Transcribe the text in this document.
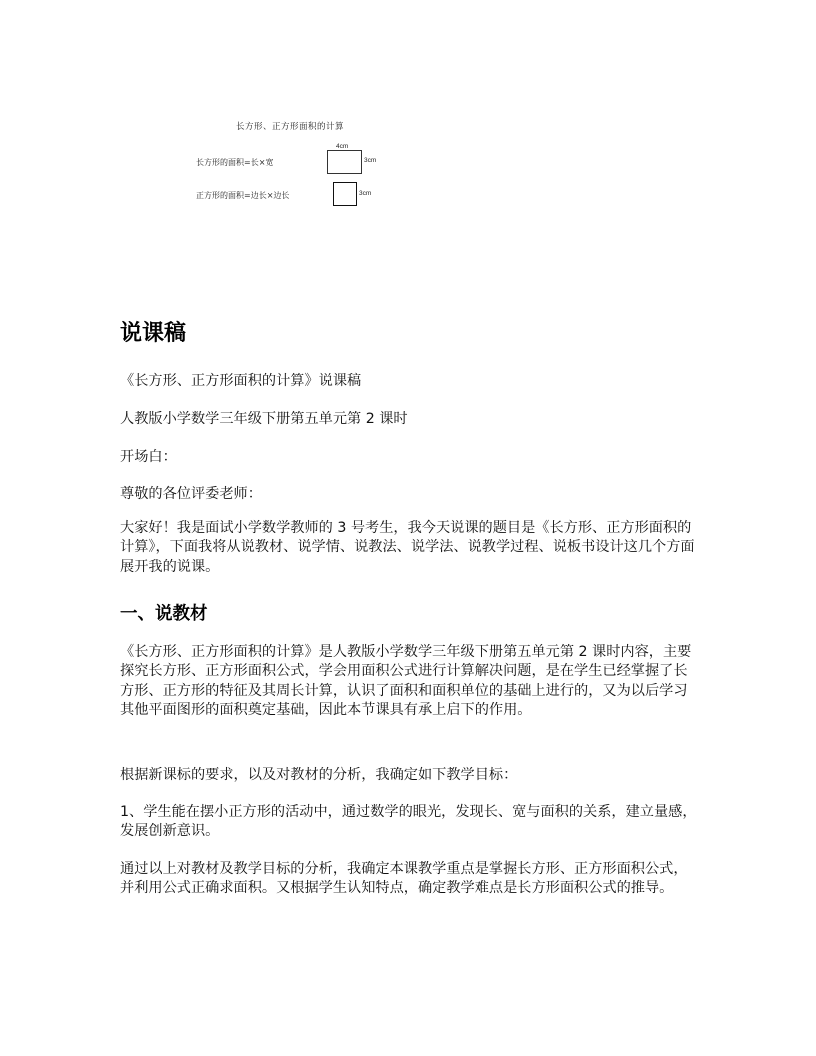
长方形、正方形面积的计算
长方形的面积=长×宽
4cm
3cm
正方形的面积=边长×边长	3cm
说课稿
《长方形、正方形面积的计算》说课稿
人教版小学数学三年级下册第五单元第 2 课时
开场白：
尊敬的各位评委老师：
大家好！我是面试小学数学教师的 3 号考生，我今天说课的题目是《长方形、正方形面积的计算》，下面我将从说教材、说学情、说教法、说学法、说教学过程、说板书设计这几个方面展开我的说课。
一、说教材
《长方形、正方形面积的计算》是人教版小学数学三年级下册第五单元第 2 课时内容，主要探究长方形、正方形面积公式，学会用面积公式进行计算解决问题，是在学生已经掌握了长方形、正方形的特征及其周长计算，认识了面积和面积单位的基础上进行的，又为以后学习其他平面图形的面积奠定基础，因此本节课具有承上启下的作用。
根据新课标的要求，以及对教材的分析，我确定如下教学目标：
1、学生能在摆小正方形的活动中，通过数学的眼光，发现长、宽与面积的关系，建立量感，发展创新意识。
通过以上对教材及教学目标的分析，我确定本课教学重点是掌握长方形、正方形面积公式，并利用公式正确求面积。又根据学生认知特点，确定教学难点是长方形面积公式的推导。
